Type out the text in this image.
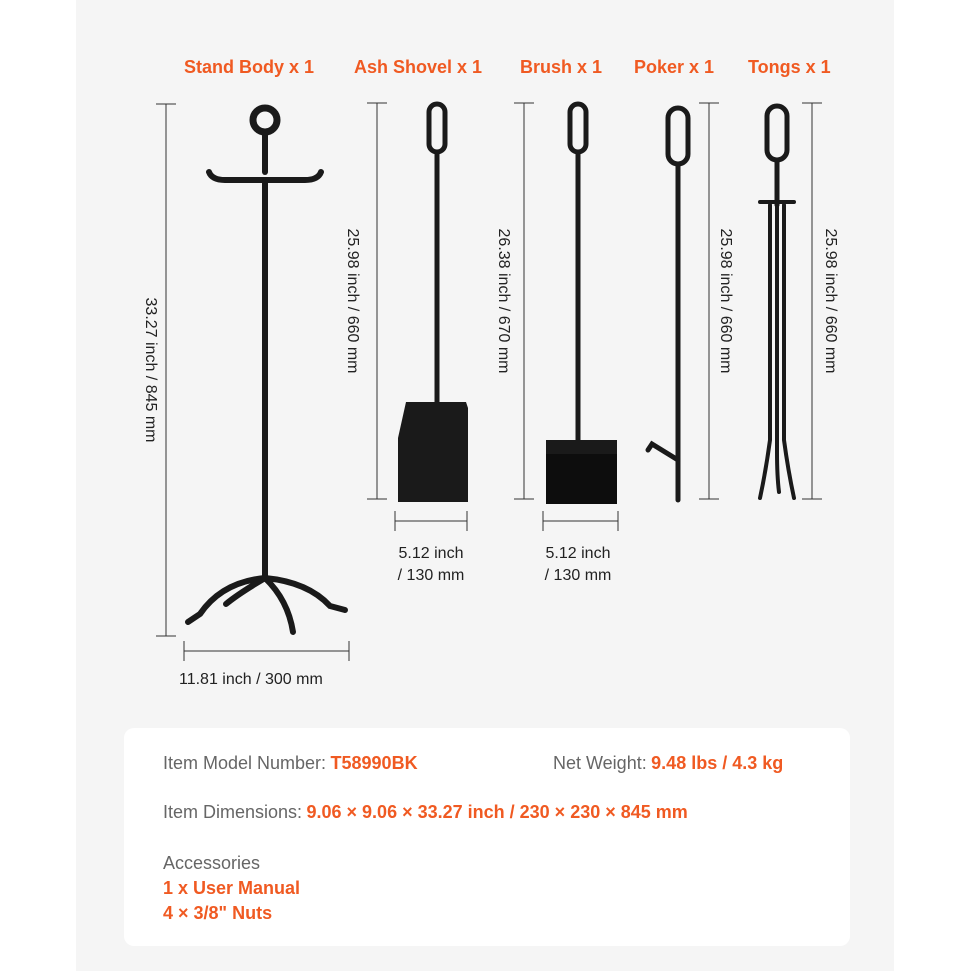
Stand Body x 1 Ash Shovel x 1 Brush x 1 Poker x 1 Tongs x 1
33.27 inch / 845 mm	25.98 inch / 660 mm	26.38 inch / 670 mm	25.98 inch / 660 mm	25.98 inch / 660 mm
11.81 inch / 300 mm
5.12 inch
/ 130 mm
5.12 inch
/ 130 mm
Item Model Number: T58990BK	Net Weight: 9.48 lbs / 4.3 kg
Item Dimensions: 9.06 × 9.06 × 33.27 inch / 230 × 230 × 845 mm
Accessories
1 x User Manual
4 × 3/8" Nuts
